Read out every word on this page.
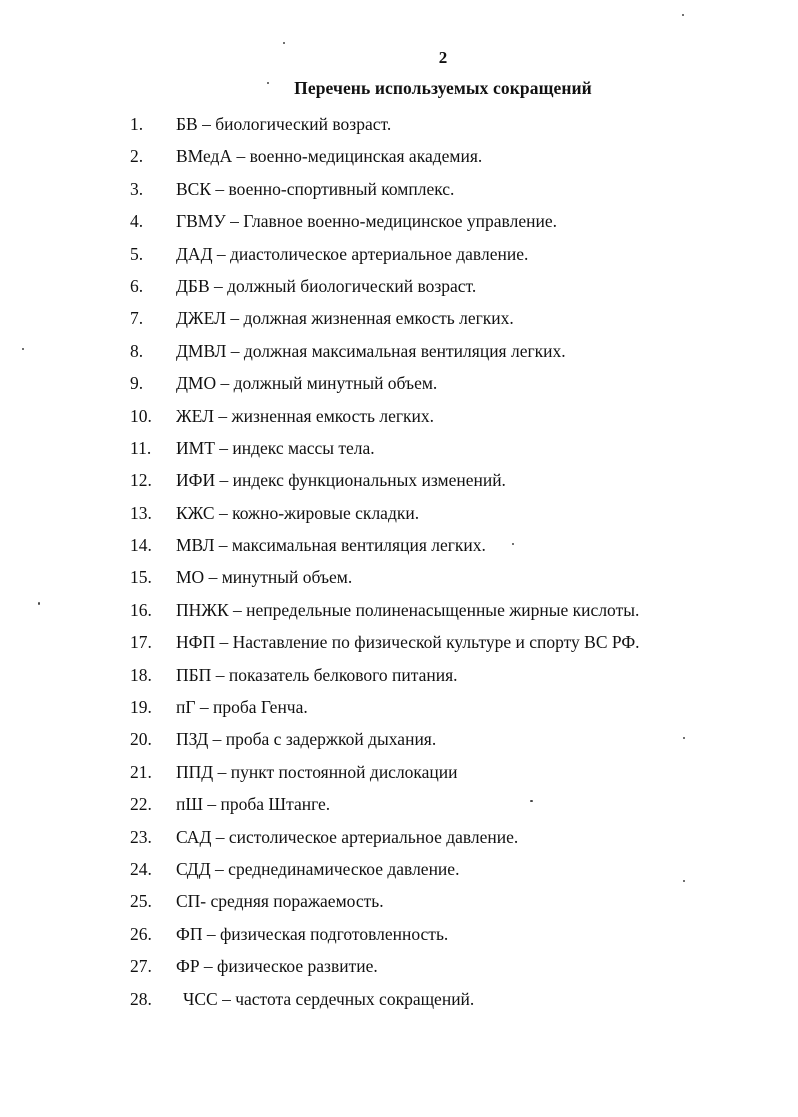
2
Перечень используемых сокращений
1. БВ – биологический возраст.
2. ВМедА – военно-медицинская академия.
3. ВСК – военно-спортивный комплекс.
4. ГВМУ – Главное военно-медицинское управление.
5. ДАД – диастолическое артериальное давление.
6. ДБВ – должный биологический возраст.
7. ДЖЕЛ – должная жизненная емкость легких.
8. ДМВЛ – должная максимальная вентиляция легких.
9. ДМО – должный минутный объем.
10. ЖЕЛ – жизненная емкость легких.
11. ИМТ – индекс массы тела.
12. ИФИ – индекс функциональных изменений.
13. КЖС – кожно-жировые складки.
14. МВЛ – максимальная вентиляция легких.
15. МО – минутный объем.
16. ПНЖК – непредельные полиненасыщенные жирные кислоты.
17. НФП – Наставление по физической культуре и спорту ВС РФ.
18. ПБП – показатель белкового питания.
19. пГ – проба Генча.
20. ПЗД – проба с задержкой дыхания.
21. ППД – пункт постоянной дислокации
22. пШ – проба Штанге.
23. САД – систолическое артериальное давление.
24. СДД – среднединамическое давление.
25. СП- средняя поражаемость.
26. ФП – физическая подготовленность.
27. ФР – физическое развитие.
28. ЧСС – частота сердечных сокращений.
